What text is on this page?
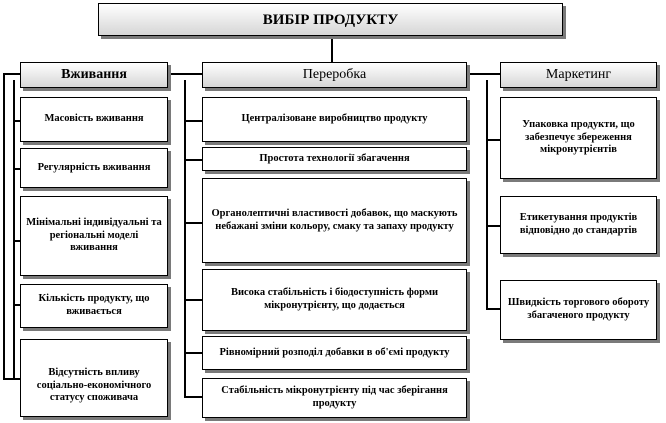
ВИБІР ПРОДУКТУ
Вживання	Переробка	Маркетинг
Масовість вживання
Регулярність вживання
Мінімальні індивідуальні та регіональні моделі вживання
Кількість продукту, що вживається
Відсутність впливу соціально-економічного статусу споживача
Централізоване виробництво продукту
Простота технології збагачення
Органолептичні властивості добавок, що маскують небажані зміни кольору, смаку та запаху продукту
Висока стабільність і біодоступність форми мікронутрієнту, що додається
Рівномірний розподіл добавки в об'ємі продукту
Стабільність мікронутрієнту під час зберігання продукту
Упаковка продукти, що забезпечує збереження мікронутрієнтів
Етикетування продуктів відповідно до стандартів
Швидкість торгового обороту збагаченого продукту
